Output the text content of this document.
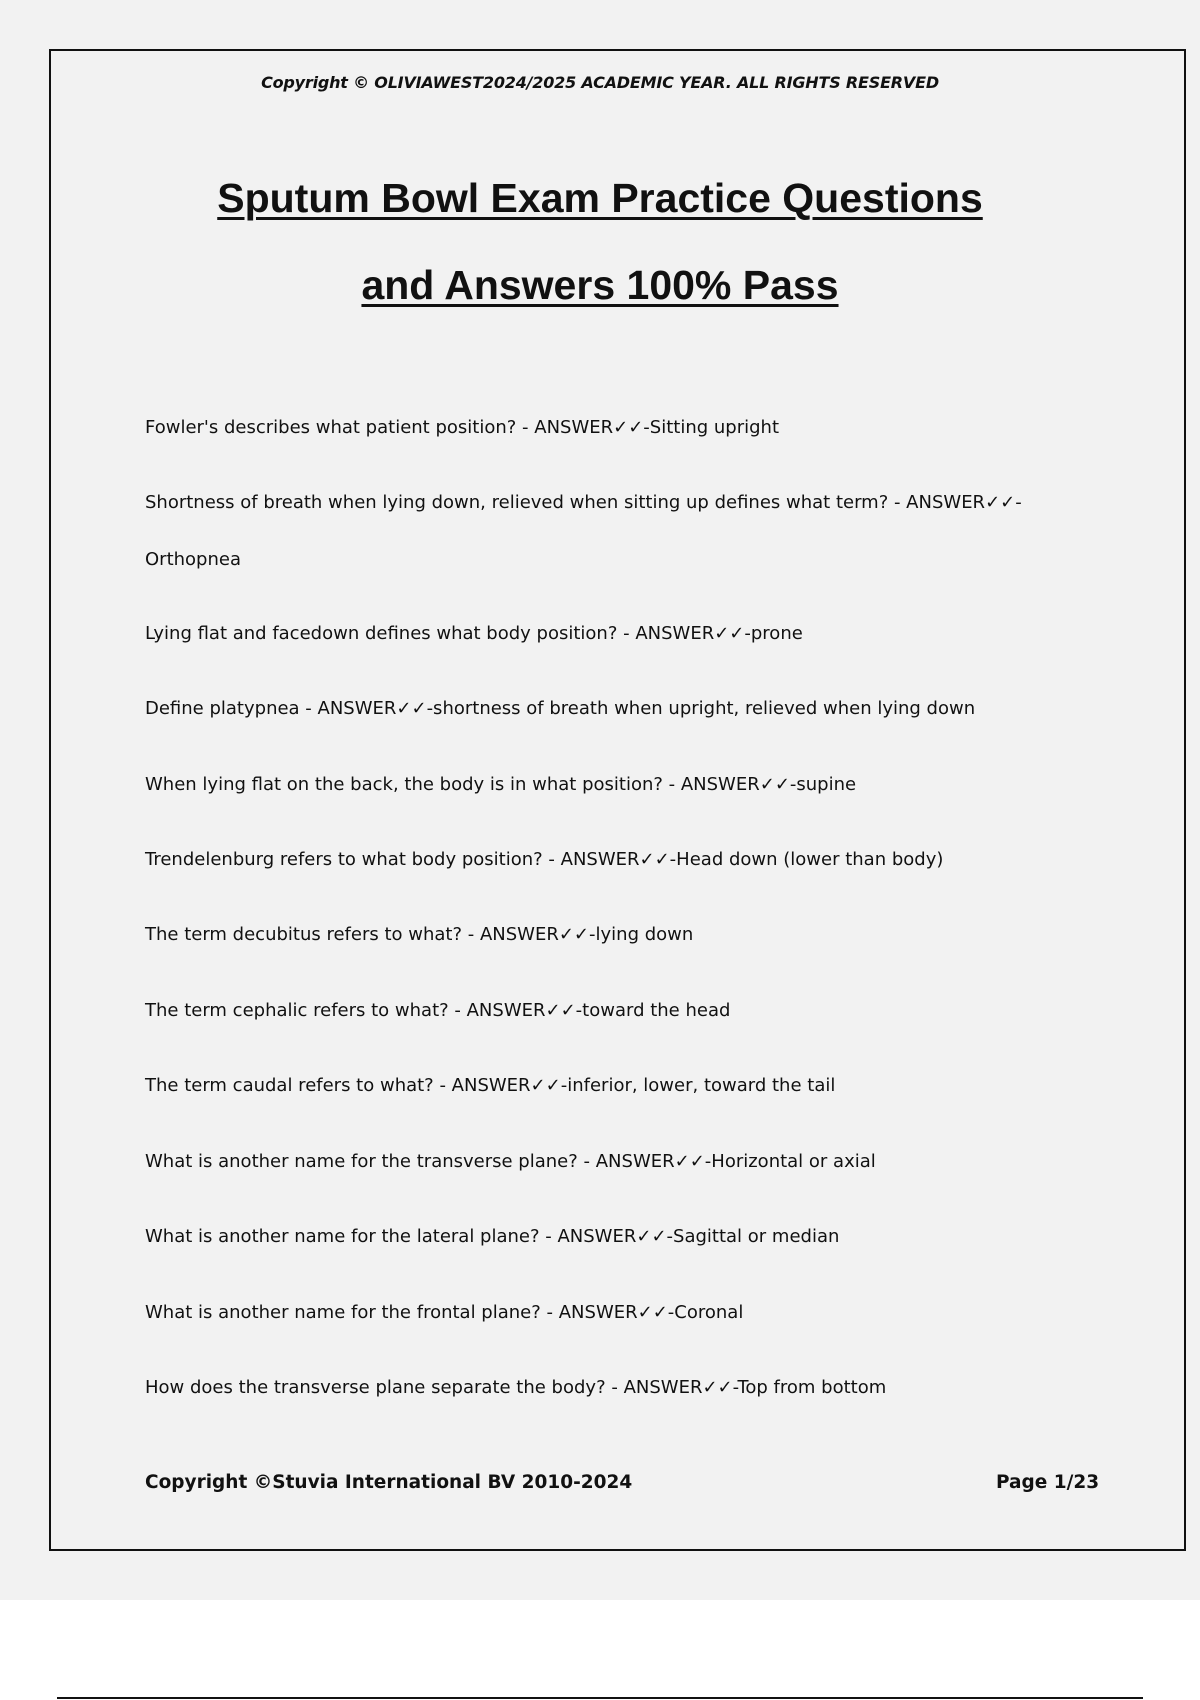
Copyright © OLIVIAWEST2024/2025 ACADEMIC YEAR. ALL RIGHTS RESERVED
Sputum Bowl Exam Practice Questions
and Answers 100% Pass
Fowler's describes what patient position? - ANSWER✓✓-Sitting upright
Shortness of breath when lying down, relieved when sitting up defines what term? - ANSWER✓✓- Orthopnea
Lying flat and facedown defines what body position? - ANSWER✓✓-prone
Define platypnea - ANSWER✓✓-shortness of breath when upright, relieved when lying down
When lying flat on the back, the body is in what position? - ANSWER✓✓-supine
Trendelenburg refers to what body position? - ANSWER✓✓-Head down (lower than body)
The term decubitus refers to what? - ANSWER✓✓-lying down
The term cephalic refers to what? - ANSWER✓✓-toward the head
The term caudal refers to what? - ANSWER✓✓-inferior, lower, toward the tail
What is another name for the transverse plane? - ANSWER✓✓-Horizontal or axial
What is another name for the lateral plane? - ANSWER✓✓-Sagittal or median
What is another name for the frontal plane? - ANSWER✓✓-Coronal
How does the transverse plane separate the body? - ANSWER✓✓-Top from bottom
Copyright ©Stuvia International BV 2010-2024	Page 1/23
